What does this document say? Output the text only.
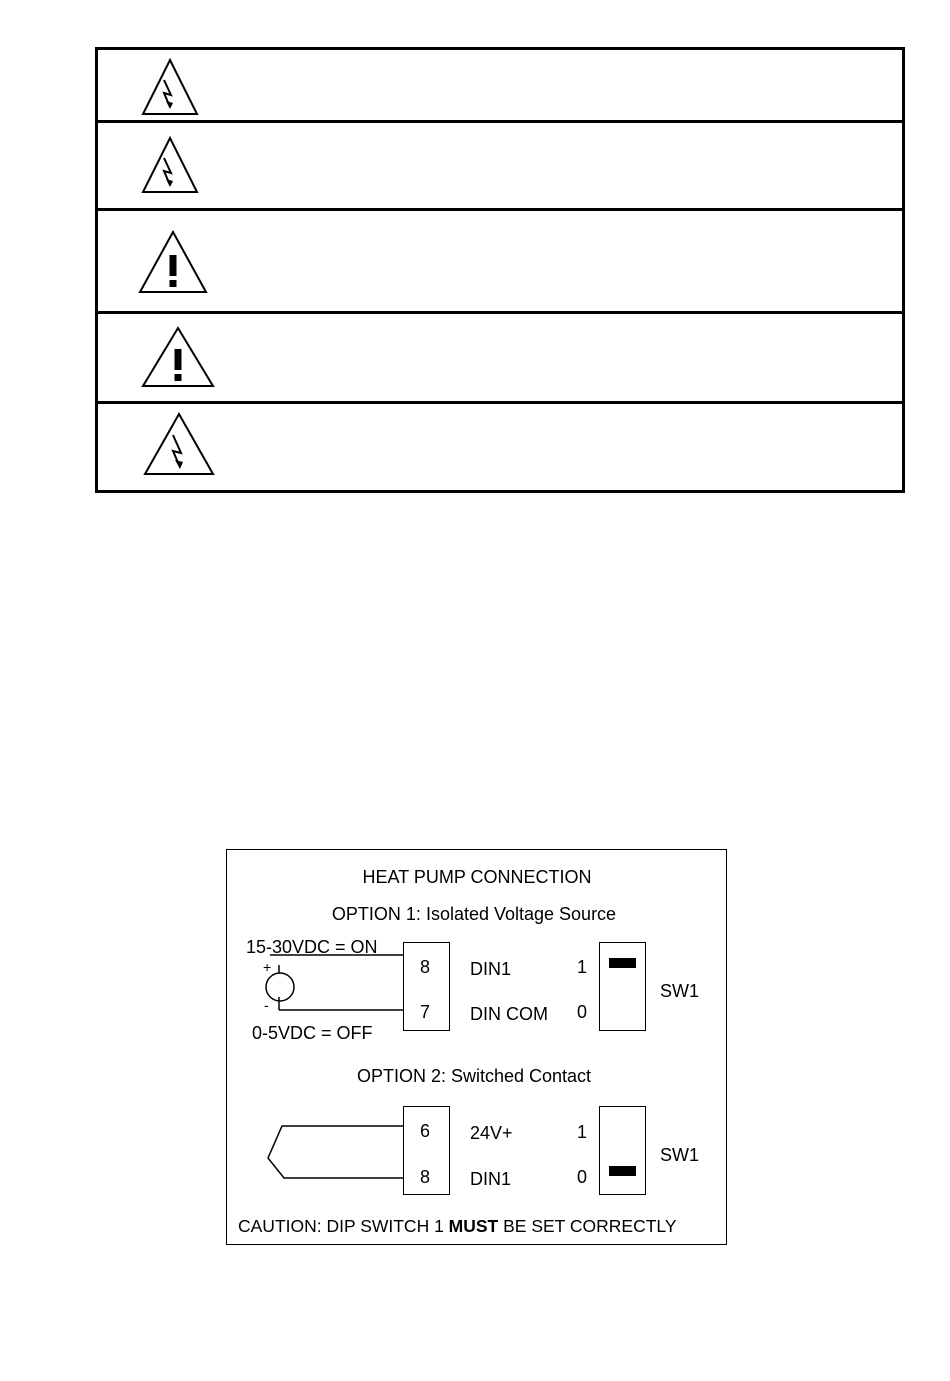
HEAT PUMP CONNECTION
OPTION 1: Isolated Voltage Source
15-30VDC = ON
+
-
0-5VDC = OFF
8
7
DIN1
DIN COM
1
0
SW1
OPTION 2: Switched Contact
6
8
24V+
DIN1
1
0
SW1
CAUTION: DIP SWITCH 1 MUST BE SET CORRECTLY
